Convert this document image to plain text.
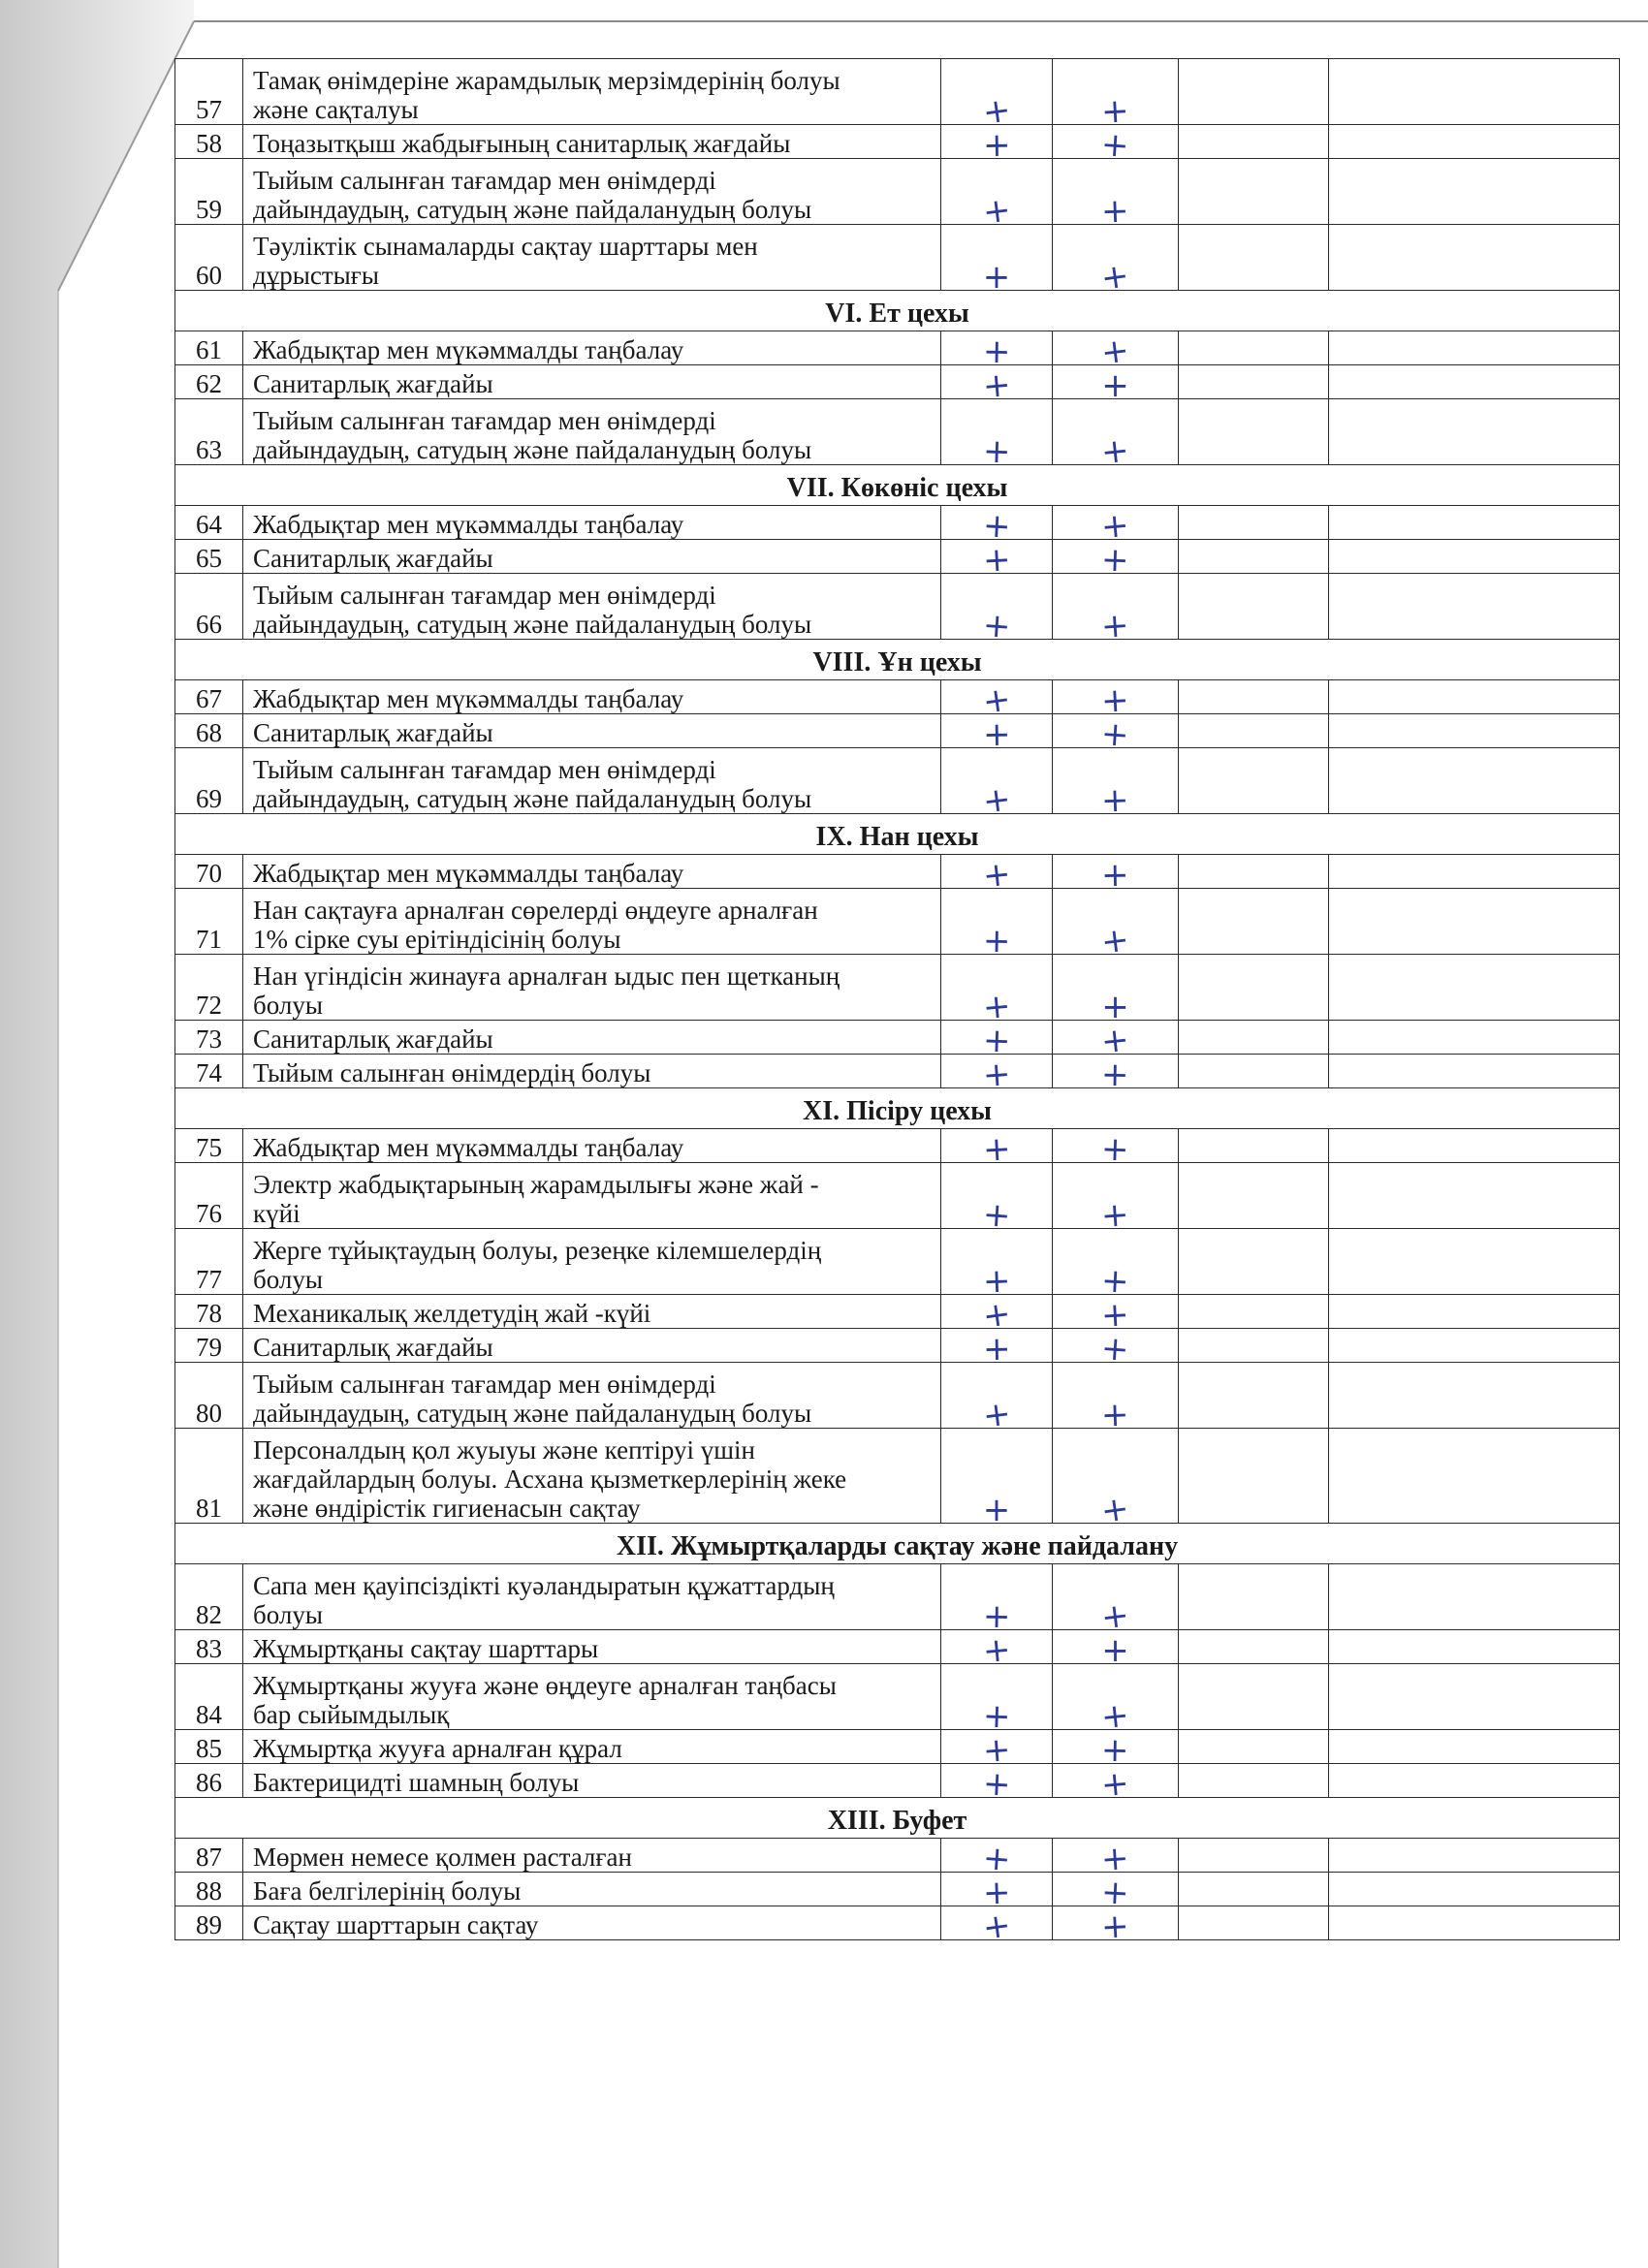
57	Тамақ өнімдеріне жарамдылық мерзімдерінің болуы
және сақталуы	+	+		
58	Тоңазытқыш жабдығының санитарлық жағдайы	+	+		
59	Тыйым салынған тағамдар мен өнімдерді
дайындаудың, сатудың және пайдаланудың болуы	+	+		
60	Тәуліктік сынамаларды сақтау шарттары мен
дұрыстығы	+	+		
VI. Ет цехы					
61	Жабдықтар мен мүкәммалды таңбалау	+	+		
62	Санитарлық жағдайы	+	+		
63	Тыйым салынған тағамдар мен өнімдерді
дайындаудың, сатудың және пайдаланудың болуы	+	+		
VII. Көкөніс цехы					
64	Жабдықтар мен мүкәммалды таңбалау	+	+		
65	Санитарлық жағдайы	+	+		
66	Тыйым салынған тағамдар мен өнімдерді
дайындаудың, сатудың және пайдаланудың болуы	+	+		
VIII. Ұн цехы					
67	Жабдықтар мен мүкәммалды таңбалау	+	+		
68	Санитарлық жағдайы	+	+		
69	Тыйым салынған тағамдар мен өнімдерді
дайындаудың, сатудың және пайдаланудың болуы	+	+		
IX. Нан цехы					
70	Жабдықтар мен мүкәммалды таңбалау	+	+		
71	Нан сақтауға арналған сөрелерді өңдеуге арналған
1% сірке суы ерітіндісінің болуы	+	+		
72	Нан үгіндісін жинауға арналған ыдыс пен щетканың
болуы	+	+		
73	Санитарлық жағдайы	+	+		
74	Тыйым салынған өнімдердің болуы	+	+		
XI. Пісіру цехы					
75	Жабдықтар мен мүкәммалды таңбалау	+	+		
76	Электр жабдықтарының жарамдылығы және жай -
күйі	+	+		
77	Жерге тұйықтаудың болуы, резеңке кілемшелердің
болуы	+	+		
78	Механикалық желдетудің жай -күйі	+	+		
79	Санитарлық жағдайы	+	+		
80	Тыйым салынған тағамдар мен өнімдерді
дайындаудың, сатудың және пайдаланудың болуы	+	+		
81	Персоналдың қол жуыуы және кептіруі үшін
жағдайлардың болуы. Асхана қызметкерлерінің жеке
және өндірістік гигиенасын сақтау	+	+		
XII. Жұмыртқаларды сақтау және пайдалану					
82	Сапа мен қауіпсіздікті куәландыратын құжаттардың
болуы	+	+		
83	Жұмыртқаны сақтау шарттары	+	+		
84	Жұмыртқаны жууға және өңдеуге арналған таңбасы
бар сыйымдылық	+	+		
85	Жұмыртқа жууға арналған құрал	+	+		
86	Бактерицидті шамның болуы	+	+		
XIII. Буфет					
87	Мөрмен немесе қолмен расталған	+	+		
88	Баға белгілерінің болуы	+	+		
89	Сақтау шарттарын сақтау	+	+		
